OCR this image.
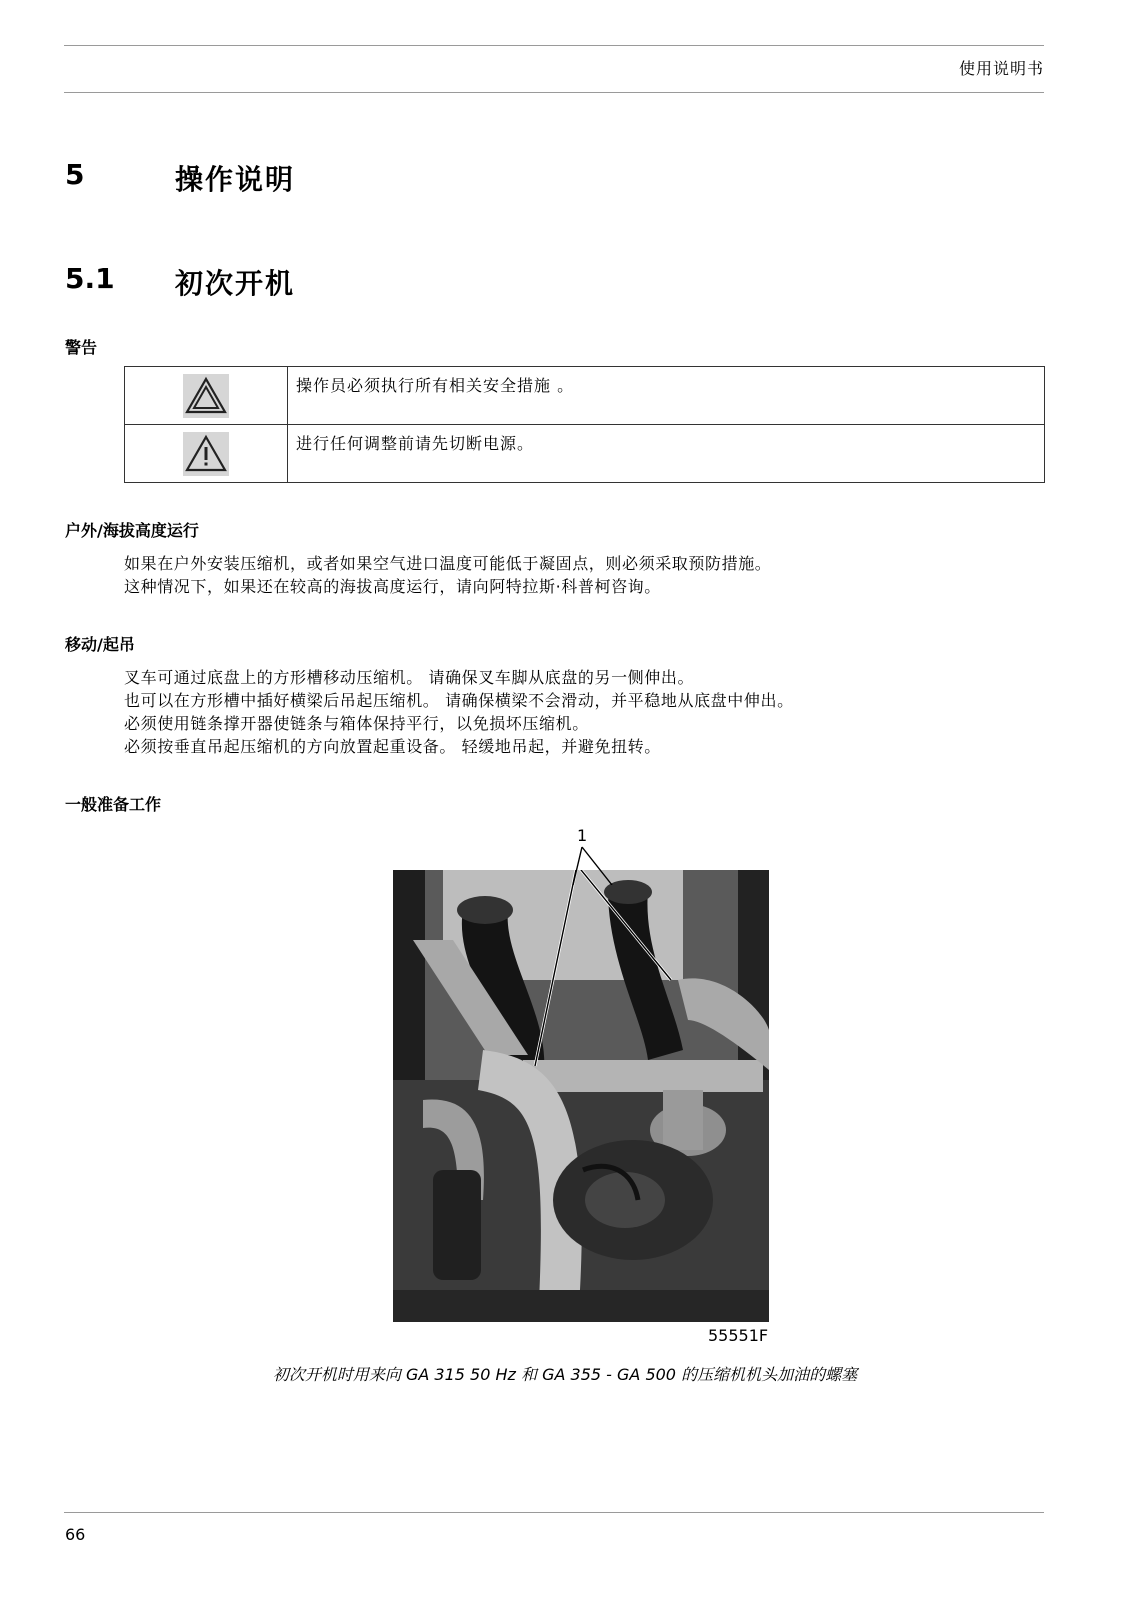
使用说明书
5	操作说明
5.1 初次开机
警告
	操作员必须执行所有相关安全措施 。
	进行任何调整前请先切断电源。
户外/海拔高度运行
如果在户外安装压缩机，或者如果空气进口温度可能低于凝固点，则必须采取预防措施。
这种情况下，如果还在较高的海拔高度运行，请向阿特拉斯·科普柯咨询。
移动/起吊
叉车可通过底盘上的方形槽移动压缩机。 请确保叉车脚从底盘的另一侧伸出。
也可以在方形槽中插好横梁后吊起压缩机。 请确保横梁不会滑动，并平稳地从底盘中伸出。
必须使用链条撑开器使链条与箱体保持平行，以免损坏压缩机。
必须按垂直吊起压缩机的方向放置起重设备。 轻缓地吊起，并避免扭转。
一般准备工作
1
55551F
初次开机时用来向 GA 315 50 Hz 和 GA 355 - GA 500 的压缩机机头加油的螺塞
66
